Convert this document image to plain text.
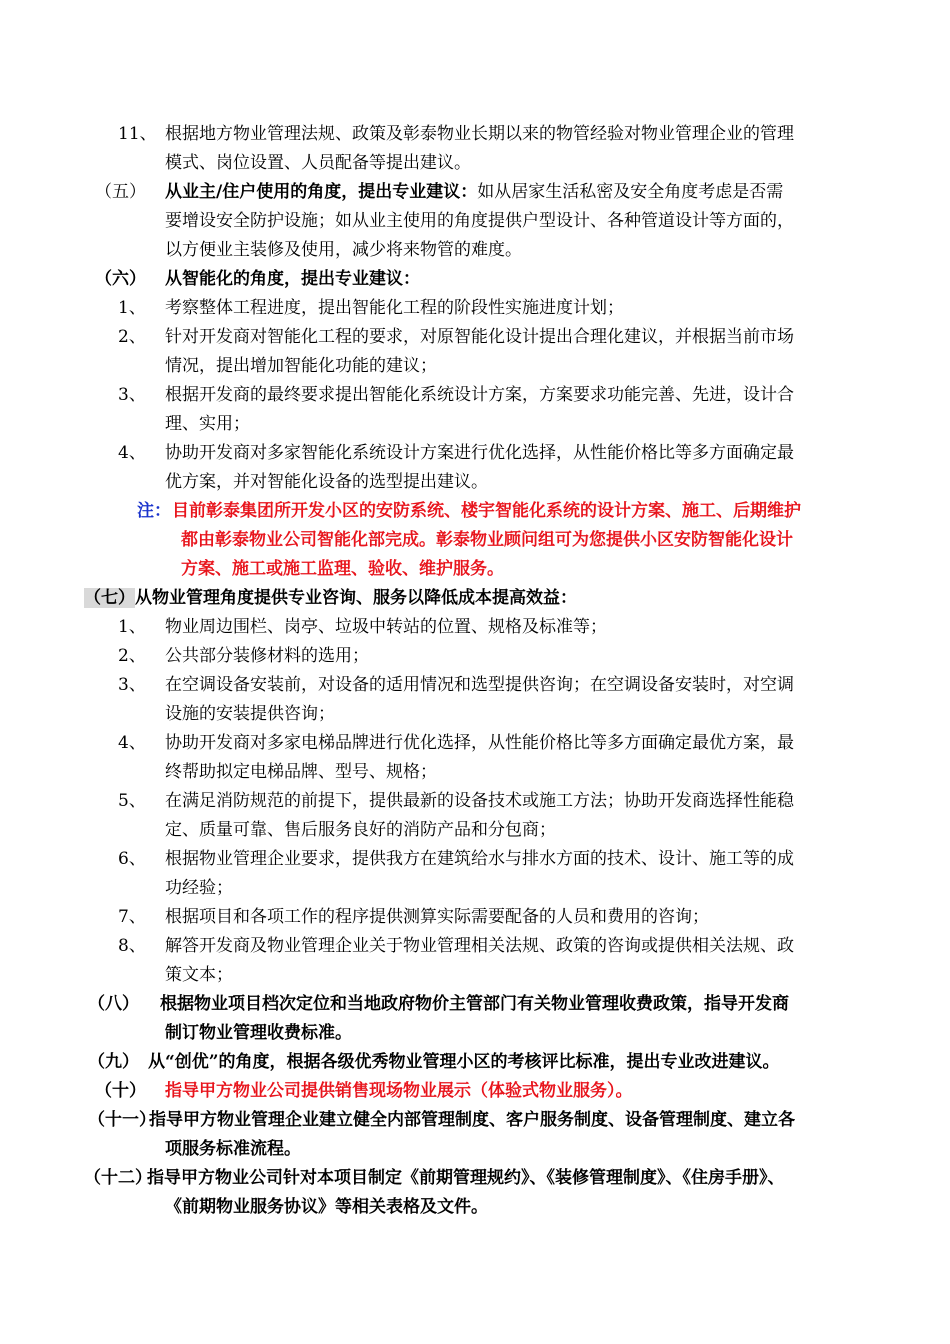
11、 根据地方物业管理法规、政策及彰泰物业长期以来的物管经验对物业管理企业的管理
模式、岗位设置、人员配备等提出建议。
（五） 从业主/住户使用的角度，提出专业建议：如从居家生活私密及安全角度考虑是否需
要增设安全防护设施；如从业主使用的角度提供户型设计、各种管道设计等方面的，
以方便业主装修及使用，减少将来物管的难度。
（六） 从智能化的角度，提出专业建议：
1、 考察整体工程进度，提出智能化工程的阶段性实施进度计划；
2、 针对开发商对智能化工程的要求，对原智能化设计提出合理化建议，并根据当前市场
情况，提出增加智能化功能的建议；
3、 根据开发商的最终要求提出智能化系统设计方案，方案要求功能完善、先进，设计合
理、实用；
4、 协助开发商对多家智能化系统设计方案进行优化选择，从性能价格比等多方面确定最
优方案，并对智能化设备的选型提出建议。
注： 目前彰泰集团所开发小区的安防系统、楼宇智能化系统的设计方案、施工、后期维护
都由彰泰物业公司智能化部完成。彰泰物业顾问组可为您提供小区安防智能化设计
方案、施工或施工监理、验收、维护服务。
（七）从物业管理角度提供专业咨询、服务以降低成本提高效益：
1、 物业周边围栏、岗亭、垃圾中转站的位置、规格及标准等；
2、 公共部分装修材料的选用；
3、 在空调设备安装前，对设备的适用情况和选型提供咨询；在空调设备安装时，对空调
设施的安装提供咨询；
4、 协助开发商对多家电梯品牌进行优化选择，从性能价格比等多方面确定最优方案，最
终帮助拟定电梯品牌、型号、规格；
5、 在满足消防规范的前提下，提供最新的设备技术或施工方法；协助开发商选择性能稳
定、质量可靠、售后服务良好的消防产品和分包商；
6、 根据物业管理企业要求，提供我方在建筑给水与排水方面的技术、设计、施工等的成
功经验；
7、 根据项目和各项工作的程序提供测算实际需要配备的人员和费用的咨询；
8、 解答开发商及物业管理企业关于物业管理相关法规、政策的咨询或提供相关法规、政
策文本；
（八） 根据物业项目档次定位和当地政府物价主管部门有关物业管理收费政策，指导开发商
制订物业管理收费标准。
（九） 从“创优”的角度，根据各级优秀物业管理小区的考核评比标准，提出专业改进建议。
（十） 指导甲方物业公司提供销售现场物业展示（体验式物业服务）。
（十一）
指导甲方物业管理企业建立健全内部管理制度、客户服务制度、设备管理制度、建立各
项服务标准流程。
（十二）
指导甲方物业公司针对本项目制定《前期管理规约》、《装修管理制度》、《住房手册》、
《前期物业服务协议》等相关表格及文件。
